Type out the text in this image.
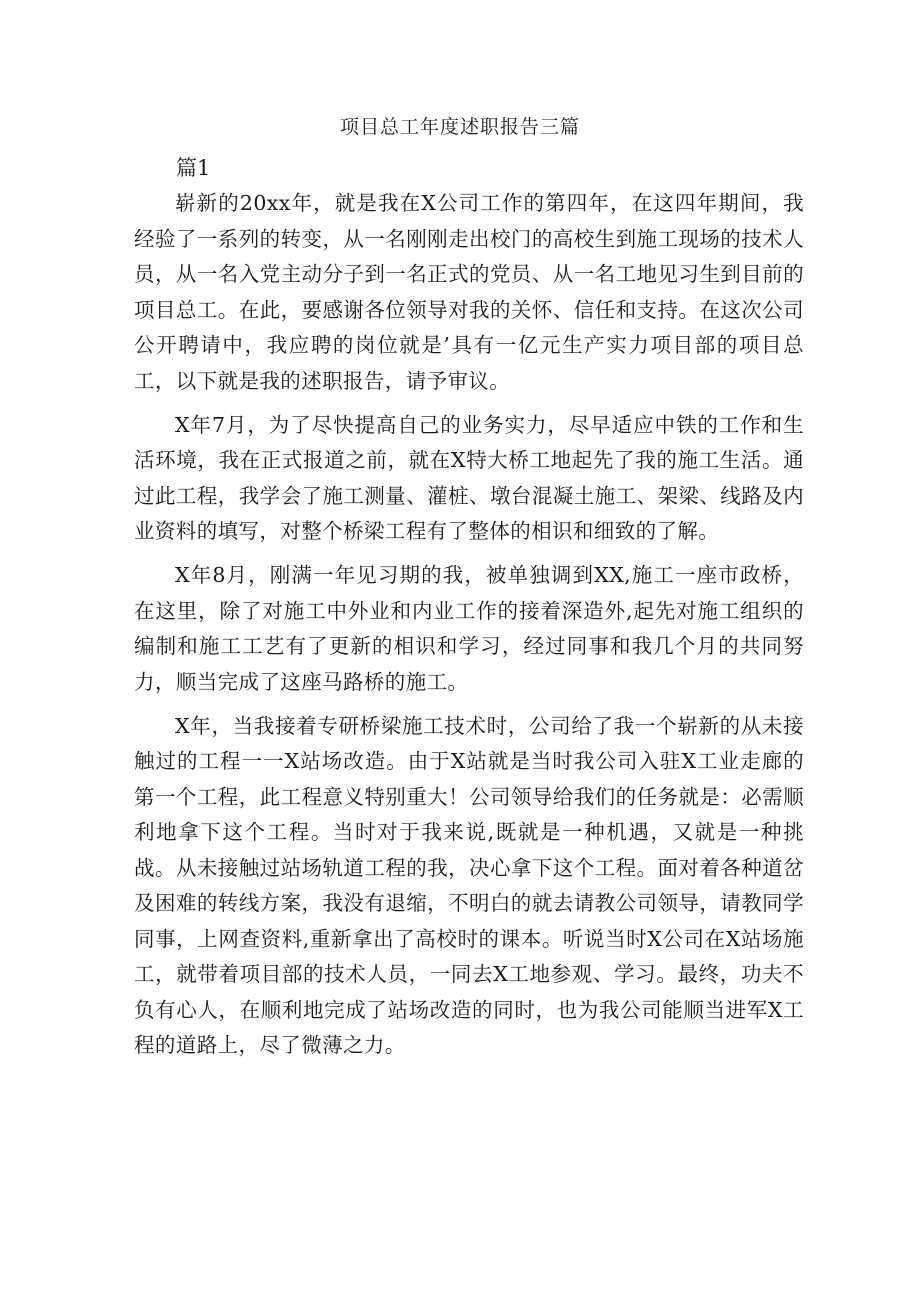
项目总工年度述职报告三篇
篇1

崭新的20xx年，就是我在X公司工作的第四年，在这四年期间，我经验了一系列的转变，从一名刚刚走出校门的高校生到施工现场的技术人员，从一名入党主动分子到一名正式的党员、从一名工地见习生到目前的项目总工。在此，要感谢各位领导对我的关怀、信任和支持。在这次公司公开聘请中，我应聘的岗位就是’具有一亿元生产实力项目部的项目总工，以下就是我的述职报告，请予审议。

X年7月，为了尽快提高自己的业务实力，尽早适应中铁的工作和生活环境，我在正式报道之前，就在X特大桥工地起先了我的施工生活。通过此工程，我学会了施工测量、灌桩、墩台混凝土施工、架梁、线路及内业资料的填写，对整个桥梁工程有了整体的相识和细致的了解。

X年8月，刚满一年见习期的我，被单独调到XX,施工一座市政桥，在这里，除了对施工中外业和内业工作的接着深造外,起先对施工组织的编制和施工工艺有了更新的相识和学习，经过同事和我几个月的共同努力，顺当完成了这座马路桥的施工。

X年，当我接着专研桥梁施工技术时，公司给了我一个崭新的从未接触过的工程一一X站场改造。由于X站就是当时我公司入驻X工业走廊的第一个工程，此工程意义特别重大！公司领导给我们的任务就是：必需顺利地拿下这个工程。当时对于我来说,既就是一种机遇，又就是一种挑战。从未接触过站场轨道工程的我，决心拿下这个工程。面对着各种道岔及困难的转线方案，我没有退缩，不明白的就去请教公司领导，请教同学同事，上网查资料,重新拿出了高校时的课本。听说当时X公司在X站场施工，就带着项目部的技术人员，一同去X工地参观、学习。最终，功夫不负有心人，在顺利地完成了站场改造的同时，也为我公司能顺当进军X工程的道路上，尽了微薄之力。
